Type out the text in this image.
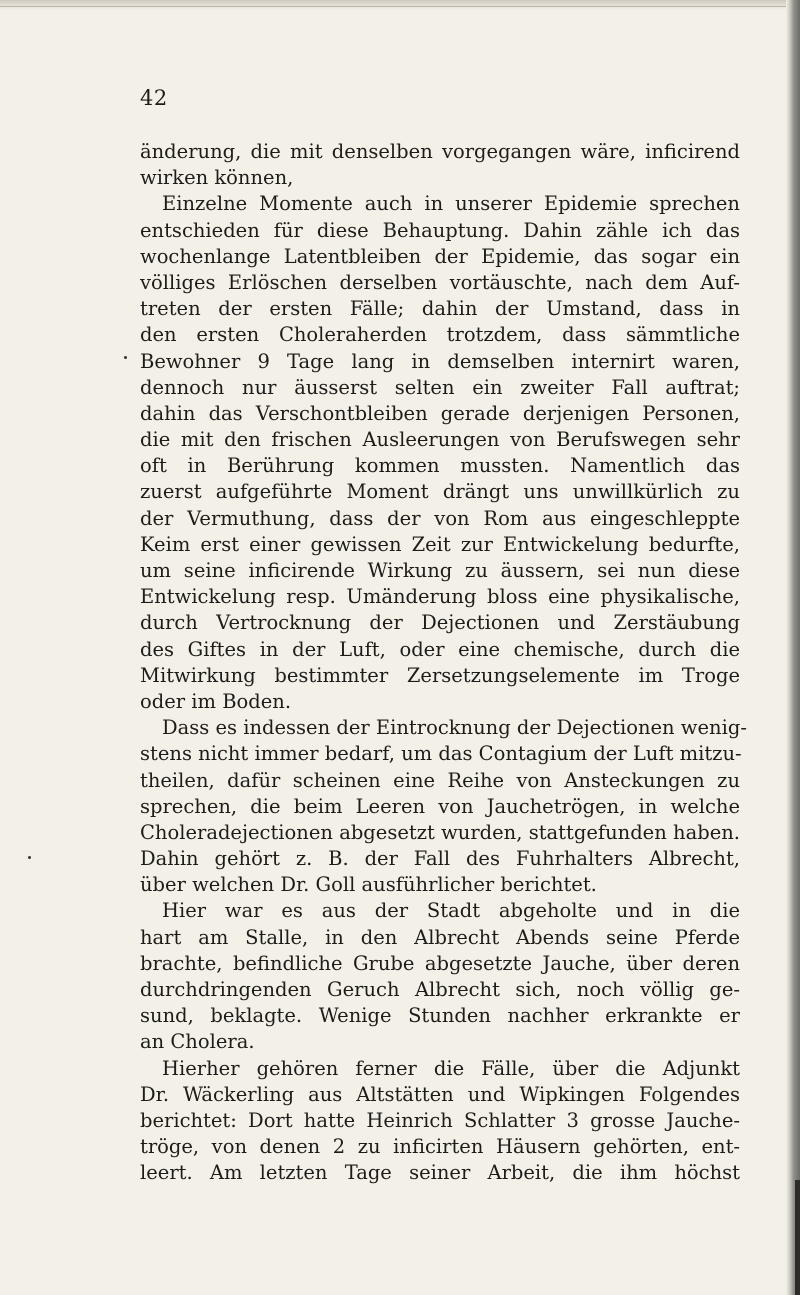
42
änderung, die mit denselben vorgegangen wäre, inficirend
wirken können,
Einzelne Momente auch in unserer Epidemie sprechen
entschieden für diese Behauptung. Dahin zähle ich das
wochenlange Latentbleiben der Epidemie, das sogar ein
völliges Erlöschen derselben vortäuschte, nach dem Auf-
treten der ersten Fälle; dahin der Umstand, dass in
den ersten Choleraherden trotzdem, dass sämmtliche
Bewohner 9 Tage lang in demselben internirt waren,
dennoch nur äusserst selten ein zweiter Fall auftrat;
dahin das Verschontbleiben gerade derjenigen Personen,
die mit den frischen Ausleerungen von Berufswegen sehr
oft in Berührung kommen mussten. Namentlich das
zuerst aufgeführte Moment drängt uns unwillkürlich zu
der Vermuthung, dass der von Rom aus eingeschleppte
Keim erst einer gewissen Zeit zur Entwickelung bedurfte,
um seine inficirende Wirkung zu äussern, sei nun diese
Entwickelung resp. Umänderung bloss eine physikalische,
durch Vertrocknung der Dejectionen und Zerstäubung
des Giftes in der Luft, oder eine chemische, durch die
Mitwirkung bestimmter Zersetzungselemente im Troge
oder im Boden.
Dass es indessen der Eintrocknung der Dejectionen wenig-
stens nicht immer bedarf, um das Contagium der Luft mitzu-
theilen, dafür scheinen eine Reihe von Ansteckungen zu
sprechen, die beim Leeren von Jauchetrögen, in welche
Choleradejectionen abgesetzt wurden, stattgefunden haben.
Dahin gehört z. B. der Fall des Fuhrhalters Albrecht,
über welchen Dr. Goll ausführlicher berichtet.
Hier war es aus der Stadt abgeholte und in die
hart am Stalle, in den Albrecht Abends seine Pferde
brachte, befindliche Grube abgesetzte Jauche, über deren
durchdringenden Geruch Albrecht sich, noch völlig ge-
sund, beklagte. Wenige Stunden nachher erkrankte er
an Cholera.
Hierher gehören ferner die Fälle, über die Adjunkt
Dr. Wäckerling aus Altstätten und Wipkingen Folgendes
berichtet: Dort hatte Heinrich Schlatter 3 grosse Jauche-
tröge, von denen 2 zu inficirten Häusern gehörten, ent-
leert. Am letzten Tage seiner Arbeit, die ihm höchst
